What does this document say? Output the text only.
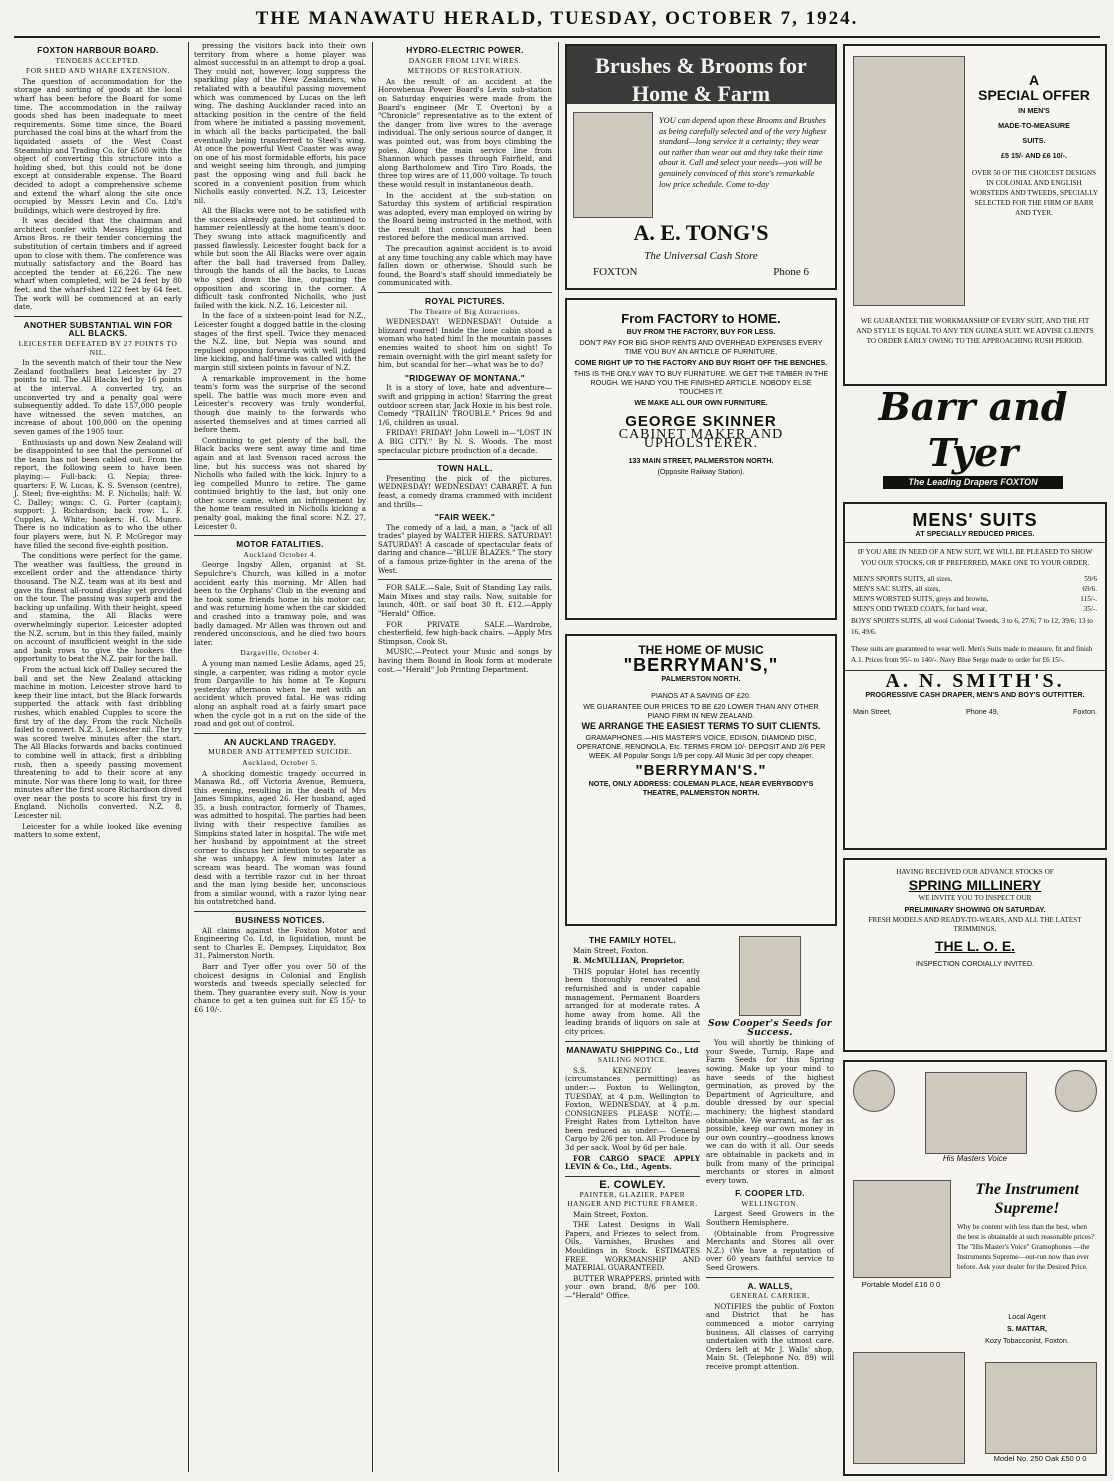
THE MANAWATU HERALD, TUESDAY, OCTOBER 7, 1924.
FOXTON HARBOUR BOARD.
TENDERS ACCEPTED.
FOR SHED AND WHARF EXTENSION.

The question of accommodation for the storage and sorting of goods at the local wharf has been before the Board for some time. The accommodation in the railway goods shed has been inadequate to meet requirements. Some time since, the Board purchased the coal bins at the wharf from the liquidated assets of the West Coast Steamship and Trading Co. for £500 with the object of converting this structure into a holding shed, but this could not be done except at considerable expense. The Board decided to adopt a comprehensive scheme and extend the wharf along the site once occupied by Messrs Levin and Co. Ltd's buildings, which were destroyed by fire.

It was decided that the chairman and architect confer with Messrs Higgins and Arnos Bros. re their tender concerning the substitution of certain timbers and if agreed upon to close with them. The conference was mutually satisfactory and the Board has accepted the tender at £6,226. The new wharf when completed, will be 24 feet by 80 feet, and the wharf-shed 122 feet by 64 feet. The work will be commenced at an early date.

ANOTHER SUBSTANTIAL WIN FOR ALL BLACKS.
LEICESTER DEFEATED BY 27 POINTS TO NIL.

In the seventh match of their tour the New Zealand footballers beat Leicester by 27 points to nil. The All Blacks led by 16 points at the interval. A converted try, an unconverted try and a penalty goal were subsequently added. To date 157,000 people have witnessed the seven matches, an increase of about 100,000 on the opening seven games of the 1905 tour.

Enthusiasts up and down New Zealand will be disappointed to see that the personnel of the team has not been cabled out. From the report, the following seem to have been playing:— Full-back: G. Nepia; three-quarters: F. W. Lucas, K. S. Svenson (centre), J. Steel; five-eighths: M. F. Nicholls; half: W. C. Dalley; wings: C. G. Porter (captain); support: J. Richardson; back row: L. F. Cupples, A. White; hookers: H. G. Munro. There is no indication as to who the other four players were, but N. P. McGregor may have filled the second five-eighth position.

The conditions were perfect for the game. The weather was faultless, the ground in excellent order and the attendance thirty thousand. The N.Z. team was at its best and gave its finest all-round display yet provided on the tour. The passing was superb and the backing up unfailing. With their height, speed and stamina, the All Blacks were overwhelmingly superior. Leicester adopted the N.Z. scrum, but in this they failed, mainly on account of insufficient weight in the side and bank rows to give the hookers the opportunity to beat the N.Z. pair for the ball.

From the actual kick off Dalley secured the ball and set the New Zealand attacking machine in motion. Leicester strove hard to keep their line intact, but the Black forwards supported the attack with fast dribbling rushes, which enabled Cupples to score the first try of the day. From the ruck Nicholls failed to convert. N.Z. 3, Leicester nil. The try was scored twelve minutes after the start. The All Blacks forwards and backs continued to combine well in attack, first a dribbling rush, then a speedy passing movement threatening to add to their score at any minute. Nor was there long to wait, for three minutes after the first score Richardson dived over near the posts to score his first try in England. Nicholls converted. N.Z. 8, Leicester nil.

Leicester for a while looked like evening matters to some extent,

pressing the visitors back into their own territory from where a home player was almost successful in an attempt to drop a goal. They could not, however, long suppress the sparkling play of the New Zealanders, who retaliated with a beautiful passing movement which was commenced by Lucas on the left wing. The dashing Aucklander raced into an attacking position in the centre of the field from where he initiated a passing movement, in which all the backs participated, the ball eventually being transferred to Steel's wing. At once the powerful West Coaster was away on one of his most formidable efforts, his pace and weight seeing him through, and jumping past the opposing wing and full back he scored in a convenient position from which Nicholls easily converted. N.Z. 13, Leicester nil.

All the Blacks were not to be satisfied with the success already gained, but continued to hammer relentlessly at the home team's door. They swung into attack magnificently and passed flawlessly. Leicester fought back for a while but soon the All Blacks were over again after the ball had traversed from Dalley, through the hands of all the backs, to Lucas who sped down the line, outpacing the opposition and scoring in the corner. A difficult task confronted Nicholls, who just failed with the kick. N.Z. 16, Leicester nil.

In the face of a sixteen-point lead for N.Z., Leicester fought a dogged battle in the closing stages of the first spell. Twice they menaced the N.Z. line, but Nepia was sound and repulsed opposing forwards with well judged line kicking, and half-time was called with the margin still sixteen points in favour of N.Z.

A remarkable improvement in the home team's form was the surprise of the second spell. The battle was much more even and Leicester's recovery was truly wonderful, though due mainly to the forwards who asserted themselves and at times carried all before them.

Continuing to get plenty of the ball, the Black backs were sent away time and time again and at last Svenson raced across the line, but his success was not shared by Nicholls who failed with the kick. Injury to a leg compelled Munro to retire. The game continued brightly to the last, but only one other score came, when an infringement by the home team resulted in Nicholls kicking a penalty goal, making the final score: N.Z. 27, Leicester 0.

MOTOR FATALITIES.
Auckland October 4.

George Ingsby Allen, organist at St. Sepulchre's Church, was killed in a motor accident early this morning. Mr Allen had been to the Orphans' Club in the evening and he took some friends home in his motor car, and was returning home when the car skidded and crashed into a tramway pole, and was badly damaged. Mr Allen was thrown out and rendered unconscious, and he died two hours later.

Dargaville, October 4.

A young man named Leslie Adams, aged 25, single, a carpenter, was riding a motor cycle from Dargaville to his home at Te Kopuru yesterday afternoon when he met with an accident which proved fatal. He was riding along an asphalt road at a fairly smart pace when the cycle got in a rut on the side of the road and got out of control.

AN AUCKLAND TRAGEDY.
MURDER AND ATTEMPTED SUICIDE.
Auckland, October 5.

A shocking domestic tragedy occurred in Manawa Rd., off Victoria Avenue, Remuera, this evening, resulting in the death of Mrs James Simpkins, aged 26. Her husband, aged 35, a bush contractor, formerly of Thames, was admitted to hospital. The parties had been living with their respective families as Simpkins stated later in hospital. The wife met her husband by appointment at the street corner to discuss her intention to separate as she was unhappy. A few minutes later a scream was heard. The woman was found dead with a terrible razor cut in her throat and the man lying beside her, unconscious from a similar wound, with a razor lying near his outstretched hand.

BUSINESS NOTICES.

All claims against the Foxton Motor and Engineering Co. Ltd, in liquidation, must be sent to Charles E. Dempsey, Liquidator, Box 31, Palmerston North.

Barr and Tyer offer you over 50 of the choicest designs in Colonial and English worsteds and tweeds specially selected for them. They guarantee every suit. Now is your chance to get a ten guinea suit for £5 15/- to £6 10/-.

HYDRO-ELECTRIC POWER.
DANGER FROM LIVE WIRES.
METHODS OF RESTORATION.

As the result of an accident at the Horowhenua Power Board's Levin sub-station on Saturday enquiries were made from the Board's engineer (Mr T. Overton) by a "Chronicle" representative as to the extent of the danger from live wires to the average individual. The only serious source of danger, it was pointed out, was from boys climbing the poles. Along the main service line from Shannon which passes through Fairfield, and along Bartholomew and Tiro Tiro Roads, the three top wires are of 11,000 voltage. To touch these would result in instantaneous death.

In the accident at the sub-station on Saturday this system of artificial respiration was adopted, every man employed on wiring by the Board being instructed in the method, with the result that consciousness had been restored before the medical man arrived.

The precaution against accident is to avoid at any time touching any cable which may have fallen down or otherwise. Should such be found, the Board's staff should immediately be communicated with.

ROYAL PICTURES.
The Theatre of Big Attractions.

WEDNESDAY! WEDNESDAY! Outside a blizzard roared! Inside the lone cabin stood a woman who hated him! In the mountain passes enemies waited to shoot him on sight! To remain overnight with the girl meant safety for him, but scandal for her—what was he to do?

"RIDGEWAY OF MONTANA."

It is a story of love, hate and adventure—swift and gripping in action! Starring the great outdoor screen star, Jack Hoxie in his best role. Comedy "TRAILIN' TROUBLE." Prices 9d and 1/6, children as usual.

FRIDAY! FRIDAY! John Lowell in—"LOST IN A BIG CITY." By N. S. Woods. The most spectacular picture production of a decade.

TOWN HALL.

Presenting the pick of the pictures. WEDNESDAY! WEDNESDAY! CABARET. A fun feast, a comedy drama crammed with incident and thrills—

"FAIR WEEK."

The comedy of a lad, a man, a "jack of all trades" played by WALTER HIERS. SATURDAY! SATURDAY! A cascade of spectacular feats of daring and chance—"BLUE BLAZES." The story of a famous prize-fighter in the arena of the West.

FOR SALE.—Sale, Suit of Standing Lay rails, Main Mixes and stay rails. Now, suitable for launch, 40ft. or sail boat 30 ft. £12.—Apply "Herald" Office.

FOR PRIVATE SALE.—Wardrobe, chesterfield, few high-back chairs. —Apply Mrs Stimpson, Cook St.

MUSIC.—Protect your Music and songs by having them Bound in Book form at moderate cost.—"Herald" Job Printing Department.

Brushes & Brooms for Home & Farm
YOU can depend upon these Brooms and Brushes as being carefully selected and of the very highest standard—long service it a certainty; they wear out rather than wear out and they take their time about it. Call and select your needs—you will be genuinely convinced of this store's remarkable low price schedule. Come to-day
A. E. TONG'S
The Universal Cash Store
FOXTON	Phone 6
From FACTORY to HOME.

BUY FROM THE FACTORY, BUY FOR LESS.

DON'T PAY FOR BIG SHOP RENTS AND OVERHEAD EXPENSES EVERY TIME YOU BUY AN ARTICLE OF FURNITURE,

COME RIGHT UP TO THE FACTORY AND BUY RIGHT OFF THE BENCHES.

THIS IS THE ONLY WAY TO BUY FURNITURE. WE GET THE TIMBER IN THE ROUGH. WE HAND YOU THE FINISHED ARTICLE. NOBODY ELSE TOUCHES IT.

WE MAKE ALL OUR OWN FURNITURE.

GEORGE SKINNER
CABINET MAKER AND UPHOLSTERER.

133 MAIN STREET, PALMERSTON NORTH.

(Opposite Railway Station).

THE HOME OF MUSIC
"BERRYMAN'S,"

PALMERSTON NORTH.

PIANOS AT A SAVING OF £20.

WE GUARANTEE OUR PRICES TO BE £20 LOWER THAN ANY OTHER PIANO FIRM IN NEW ZEALAND.

WE ARRANGE THE EASIEST TERMS TO SUIT CLIENTS.

GRAMAPHONES.—HIS MASTER'S VOICE, EDISON, DIAMOND DISC, OPERATONE, RENONOLA, Etc. TERMS FROM 10/- DEPOSIT AND 2/6 PER WEEK. All Popular Songs 1/9 per copy. All Music 3d per copy cheaper.

"BERRYMAN'S."

NOTE, ONLY ADDRESS: COLEMAN PLACE, NEAR EVERYBODY'S THEATRE, PALMERSTON NORTH.

THE FAMILY HOTEL.

Main Street, Foxton.

R. McMULLIAN, Proprietor.

THIS popular Hotel has recently been thoroughly renovated and refurnished and is under capable management. Permanent Boarders arranged for at moderate rates. A home away from home. All the leading brands of liquors on sale at city prices.

MANAWATU SHIPPING Co., Ltd
SAILING NOTICE.

S.S. KENNEDY leaves (circumstances permitting) as under:— Foxton to Wellington, TUESDAY, at 4 p.m. Wellington to Foxton, WEDNESDAY, at 4 p.m. CONSIGNEES PLEASE NOTE:— Freight Rates from Lyttelton have been reduced as under:— General Cargo by 2/6 per ton. All Produce by 3d per sack. Wool by 6d per bale.

FOR CARGO SPACE APPLY LEVIN & Co., Ltd., Agents.

E. COWLEY.
PAINTER, GLAZIER, PAPER HANGER AND PICTURE FRAMER.

Main Street, Foxton.

THE Latest Designs in Wall Papers, and Friezes to select from. Oils, Varnishes, Brushes and Mouldings in Stock. ESTIMATES FREE. WORKMANSHIP AND MATERIAL GUARANTEED.

BUTTER WRAPPERS, printed with your own brand, 8/6 per 100. —"Herald" Office.

Sow Cooper's Seeds for Success.

You will shortly be thinking of your Swede, Turnip, Rape and Farm Seeds for this Spring sowing. Make up your mind to have seeds of the highest germination, as proved by the Department of Agriculture, and double dressed by our special machinery; the highest standard obtainable. We warrant, as far as possible, keep our own money in our own country—goodness knows we can do with it all. Our seeds are obtainable in packets and in bulk from many of the principal merchants or stores in almost every town.

F. COOPER LTD.
WELLINGTON.

Largest Seed Growers in the Southern Hemisphere.

(Obtainable from Progressive Merchants and Stores all over N.Z.) (We have a reputation of over 60 years faithful service to Seed Growers.

A. WALLS,
GENERAL CARRIER,

NOTIFIES the public of Foxton and District that he has commenced a motor carrying business. All classes of carrying undertaken with the utmost care. Orders left at Mr J. Walls' shop, Main St. (Telephone No. 89) will receive prompt attention.

A
SPECIAL OFFER
IN MEN'S
MADE-TO-MEASURE
SUITS.
£5 15/- AND £6 10/-.
OVER 50 OF THE CHOICEST DESIGNS IN COLONIAL AND ENGLISH WORSTEDS AND TWEEDS, SPECIALLY SELECTED FOR THE FIRM OF BARR AND TYER.
WE GUARANTEE THE WORKMANSHIP OF EVERY SUIT, AND THE FIT AND STYLE IS EQUAL TO ANY TEN GUINEA SUIT. WE ADVISE CLIENTS TO ORDER EARLY OWING TO THE APPROACHING RUSH PERIOD.
Barr and Tyer
The Leading Drapers FOXTON
MENS' SUITS

AT SPECIALLY REDUCED PRICES.

IF YOU ARE IN NEED OF A NEW SUIT, WE WILL BE PLEASED TO SHOW YOU OUR STOCKS, OR IF PREFERRED, MAKE ONE TO YOUR ORDER.

MEN'S SPORTS SUITS, all sizes,	59/6
MEN'S SAC SUITS, all sizes,	69/6.
MEN'S WORSTED SUITS, greys and browns,	115/-.
MEN'S ODD TWEED COATS, for hard wear,	35/-.

BOYS' SPORTS SUITS, all wool Colonial Tweeds, 3 to 6, 27/6; 7 to 12, 39/6; 13 to 16, 49/6.

These suits are guaranteed to wear well. Men's Suits made to measure, fit and finish A.1. Prices from 95/- to 140/-. Navy Blue Serge made to order for £6 15/-.

A. N. SMITH'S.

PROGRESSIVE CASH DRAPER, MEN'S AND BOY'S OUTFITTER.

Main Street,	Phone 49,	Foxton.

HAVING RECEIVED OUR ADVANCE STOCKS OF

SPRING MILLINERY

WE INVITE YOU TO INSPECT OUR

PRELIMINARY SHOWING ON SATURDAY.

FRESH MODELS AND READY-TO-WEARS, AND ALL THE LATEST TRIMMINGS.

THE L. O. E.

INSPECTION CORDIALLY INVITED.

His Masters Voice
The Instrument Supreme!
Portable Model £16 0 0
Why be content with less than the best, when the best is obtainable at such reasonable prices? The "His Master's Voice" Gramophones —the Instruments Supreme—out-run now than ever before. Ask your dealer for the Desired Price.
Local Agent
S. MATTAR,
Kozy Tobacconist, Foxton.
Model No. 250 Oak £50 0 0
